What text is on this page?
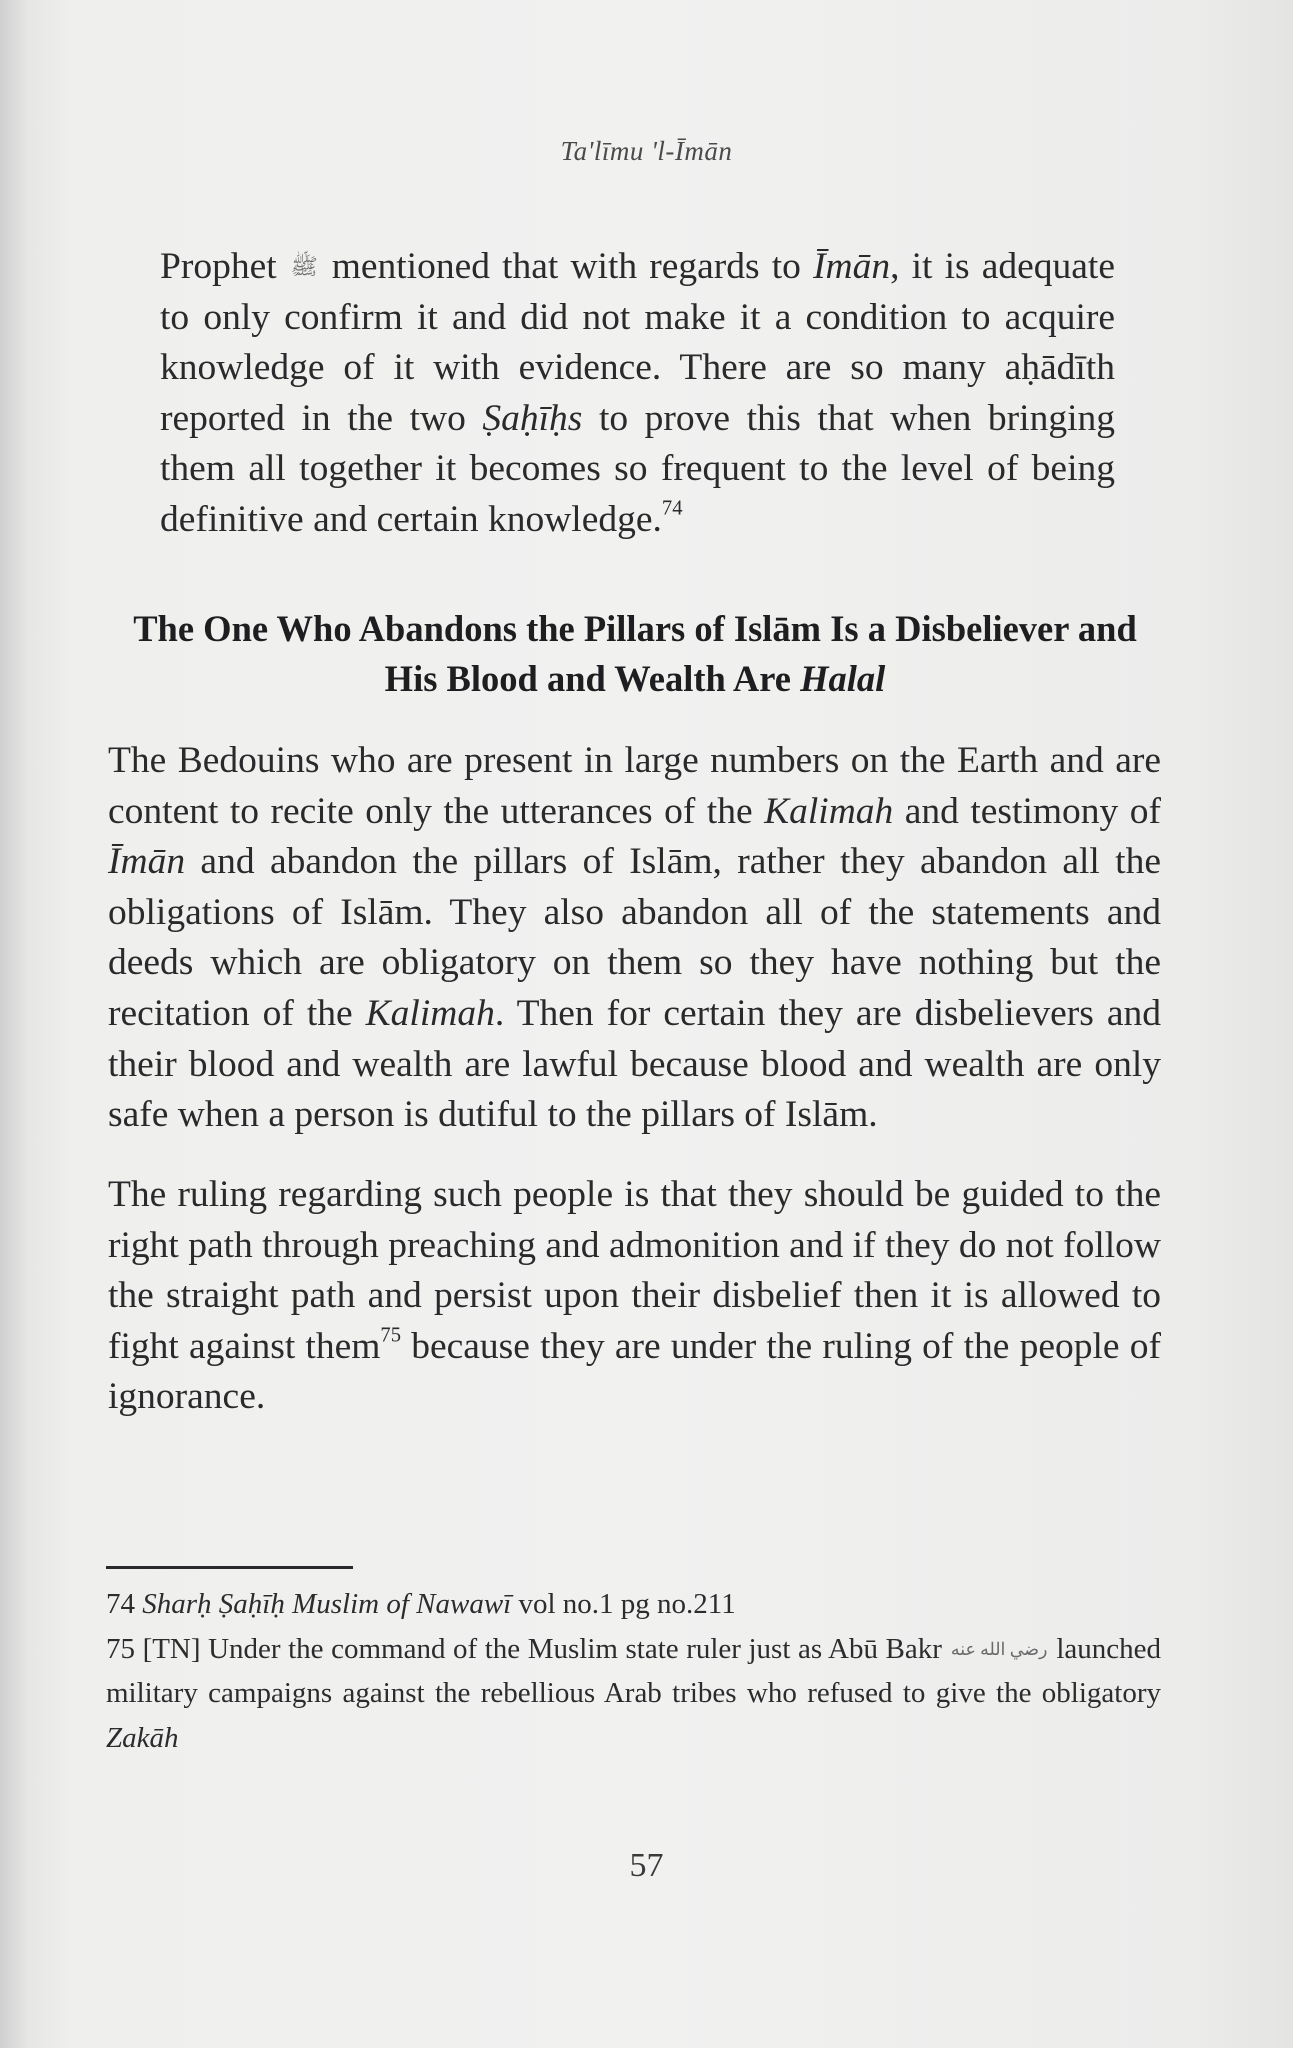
Ta'līmu 'l-Īmān
Prophet ﷺ mentioned that with regards to Īmān, it is adequate to only confirm it and did not make it a condition to acquire knowledge of it with evidence. There are so many aḥādīth reported in the two Ṣaḥīḥs to prove this that when bringing them all together it becomes so frequent to the level of being definitive and certain knowledge.$^{74}$
The One Who Abandons the Pillars of Islām Is a Disbeliever and His Blood and Wealth Are Halal
The Bedouins who are present in large numbers on the Earth and are content to recite only the utterances of the Kalimah and testimony of Īmān and abandon the pillars of Islām, rather they abandon all the obligations of Islām. They also abandon all of the statements and deeds which are obligatory on them so they have nothing but the recitation of the Kalimah. Then for certain they are disbelievers and their blood and wealth are lawful because blood and wealth are only safe when a person is dutiful to the pillars of Islām.
The ruling regarding such people is that they should be guided to the right path through preaching and admonition and if they do not follow the straight path and persist upon their disbelief then it is allowed to fight against them$^{75}$ because they are under the ruling of the people of ignorance.
74 Sharḥ Ṣaḥīḥ Muslim of Nawawī vol no.1 pg no.211
75 [TN] Under the command of the Muslim state ruler just as Abū Bakr رضي الله عنه launched military campaigns against the rebellious Arab tribes who refused to give the obligatory Zakāh
57
